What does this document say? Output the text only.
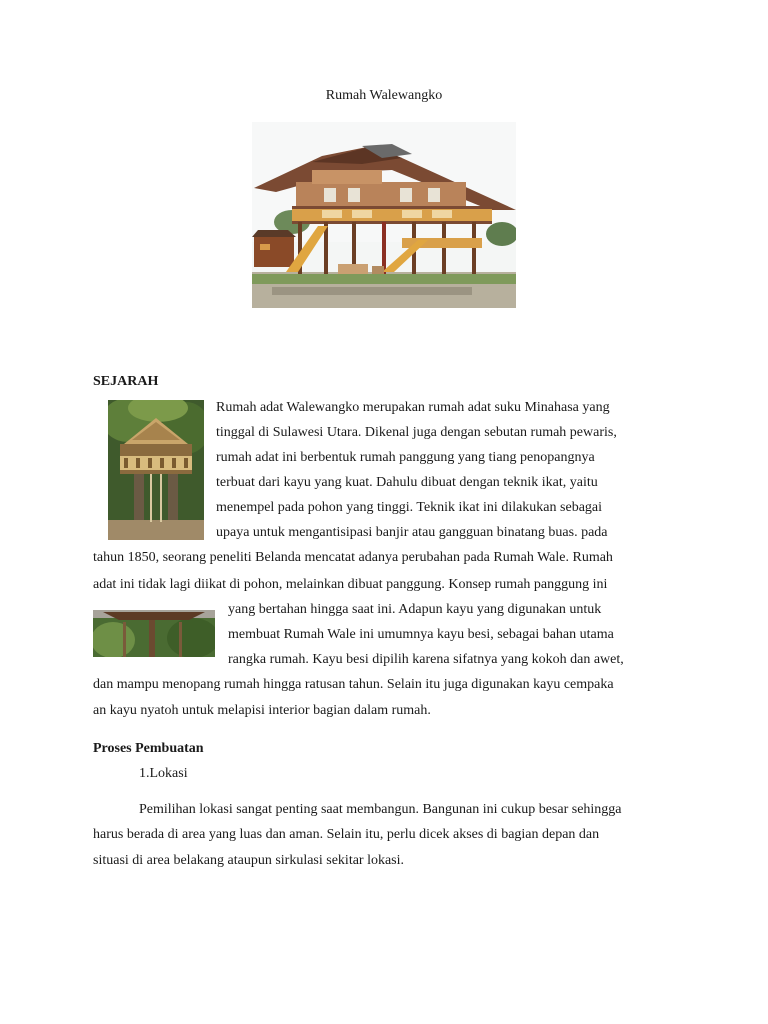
Rumah Walewangko
SEJARAH
Rumah adat Walewangko merupakan rumah adat suku Minahasa yang
tinggal di Sulawesi Utara. Dikenal juga dengan sebutan rumah pewaris,
rumah adat ini berbentuk rumah panggung yang tiang penopangnya
terbuat dari kayu yang kuat. Dahulu dibuat dengan teknik ikat, yaitu
menempel pada pohon yang tinggi. Teknik ikat ini dilakukan sebagai
upaya untuk mengantisipasi banjir atau gangguan binatang buas. pada
tahun 1850, seorang peneliti Belanda mencatat adanya perubahan pada Rumah Wale. Rumah
adat ini tidak lagi diikat di pohon, melainkan dibuat panggung. Konsep rumah panggung ini
yang bertahan hingga saat ini. Adapun kayu yang digunakan untuk
membuat Rumah Wale ini umumnya kayu besi, sebagai bahan utama
rangka rumah. Kayu besi dipilih karena sifatnya yang kokoh dan awet,
dan mampu menopang rumah hingga ratusan tahun. Selain itu juga digunakan kayu cempaka
an kayu nyatoh untuk melapisi interior bagian dalam rumah.
Proses Pembuatan
1.Lokasi
Pemilihan lokasi sangat penting saat membangun. Bangunan ini cukup besar sehingga
harus berada di area yang luas dan aman. Selain itu, perlu dicek akses di bagian depan dan
situasi di area belakang ataupun sirkulasi sekitar lokasi.
